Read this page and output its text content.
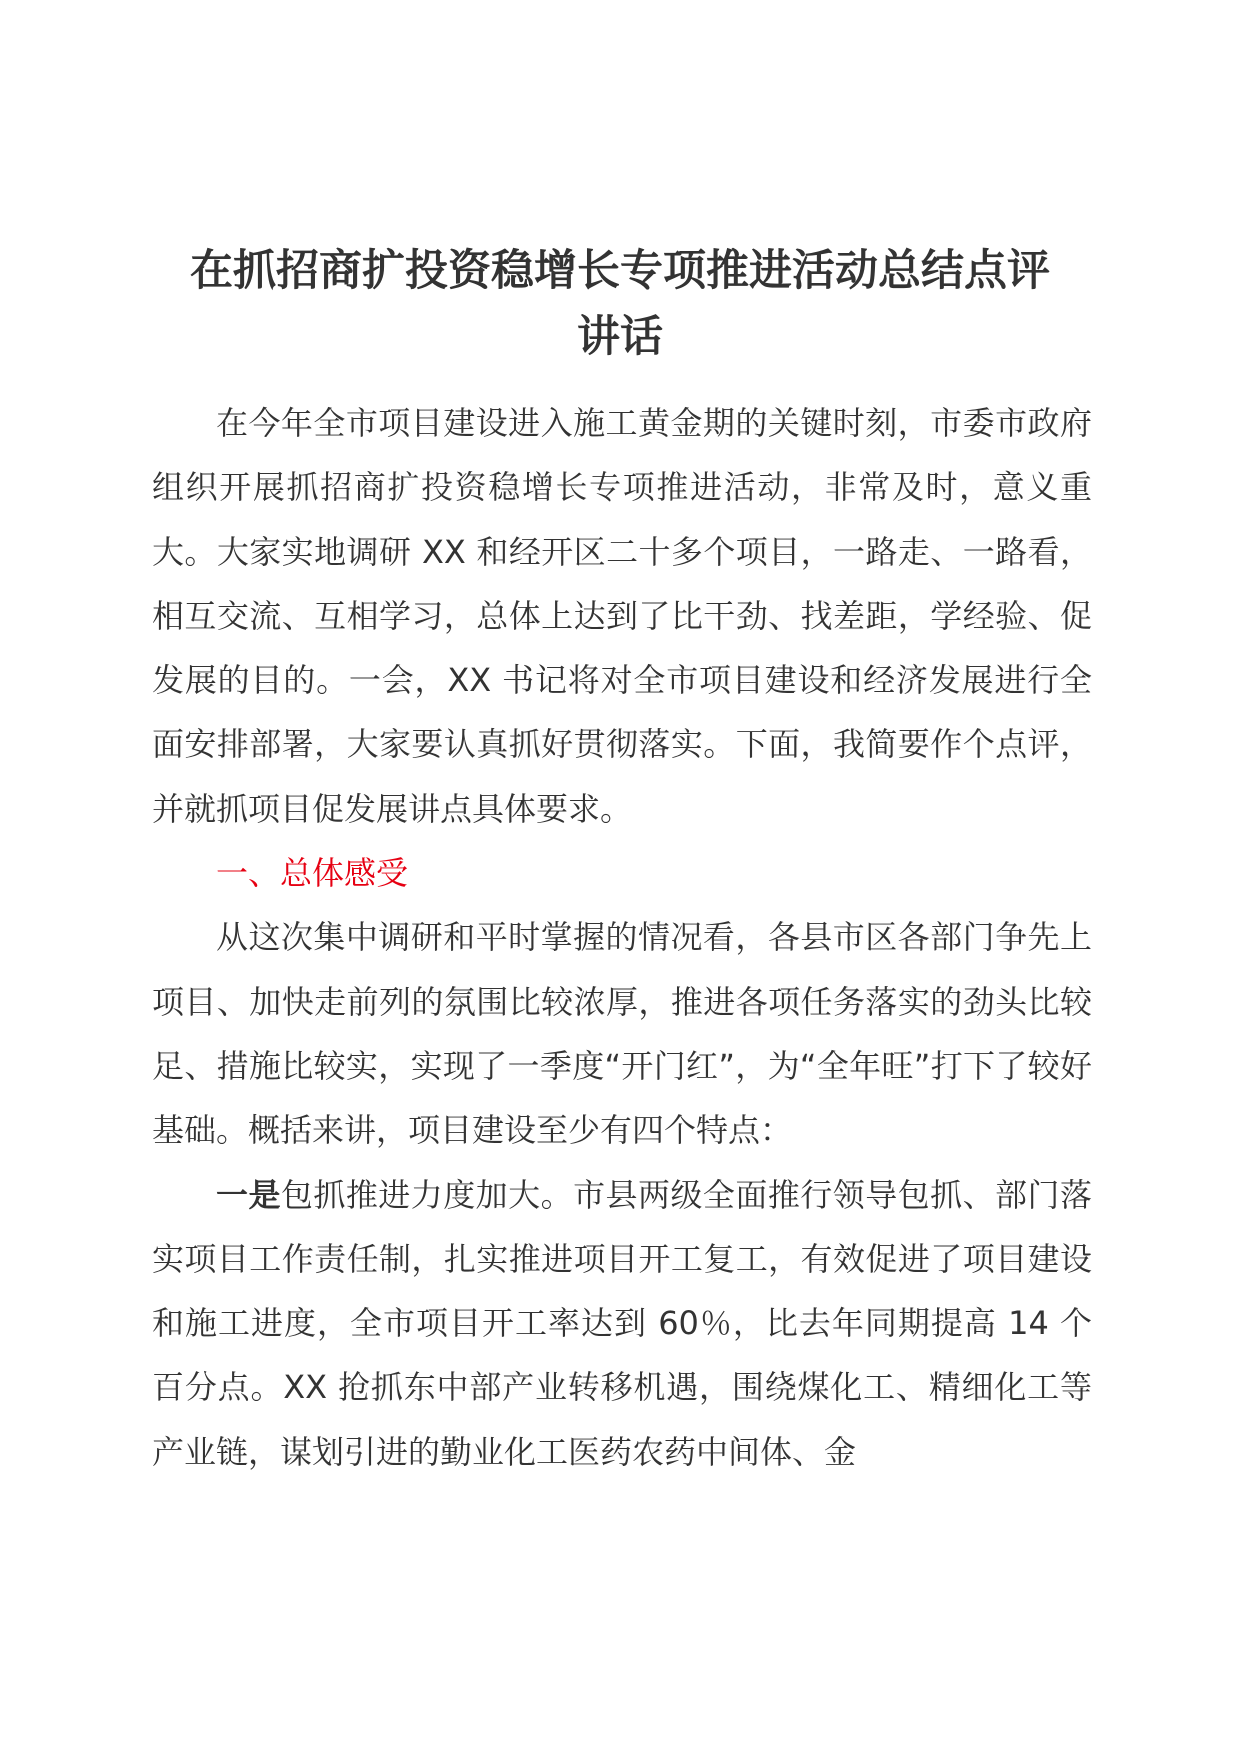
在抓招商扩投资稳增长专项推进活动总结点评
讲话

在今年全市项目建设进入施工黄金期的关键时刻，市委市政府组织开展抓招商扩投资稳增长专项推进活动，非常及时，意义重大。大家实地调研 XX 和经开区二十多个项目，一路走、一路看，相互交流、互相学习，总体上达到了比干劲、找差距，学经验、促发展的目的。一会，XX 书记将对全市项目建设和经济发展进行全面安排部署，大家要认真抓好贯彻落实。下面，我简要作个点评，并就抓项目促发展讲点具体要求。

一、总体感受

从这次集中调研和平时掌握的情况看，各县市区各部门争先上项目、加快走前列的氛围比较浓厚，推进各项任务落实的劲头比较足、措施比较实，实现了一季度“开门红”，为“全年旺”打下了较好基础。概括来讲，项目建设至少有四个特点：

一是包抓推进力度加大。市县两级全面推行领导包抓、部门落实项目工作责任制，扎实推进项目开工复工，有效促进了项目建设和施工进度，全市项目开工率达到 60％，比去年同期提高 14 个百分点。XX 抢抓东中部产业转移机遇，围绕煤化工、精细化工等产业链，谋划引进的勤业化工医药农药中间体、金
